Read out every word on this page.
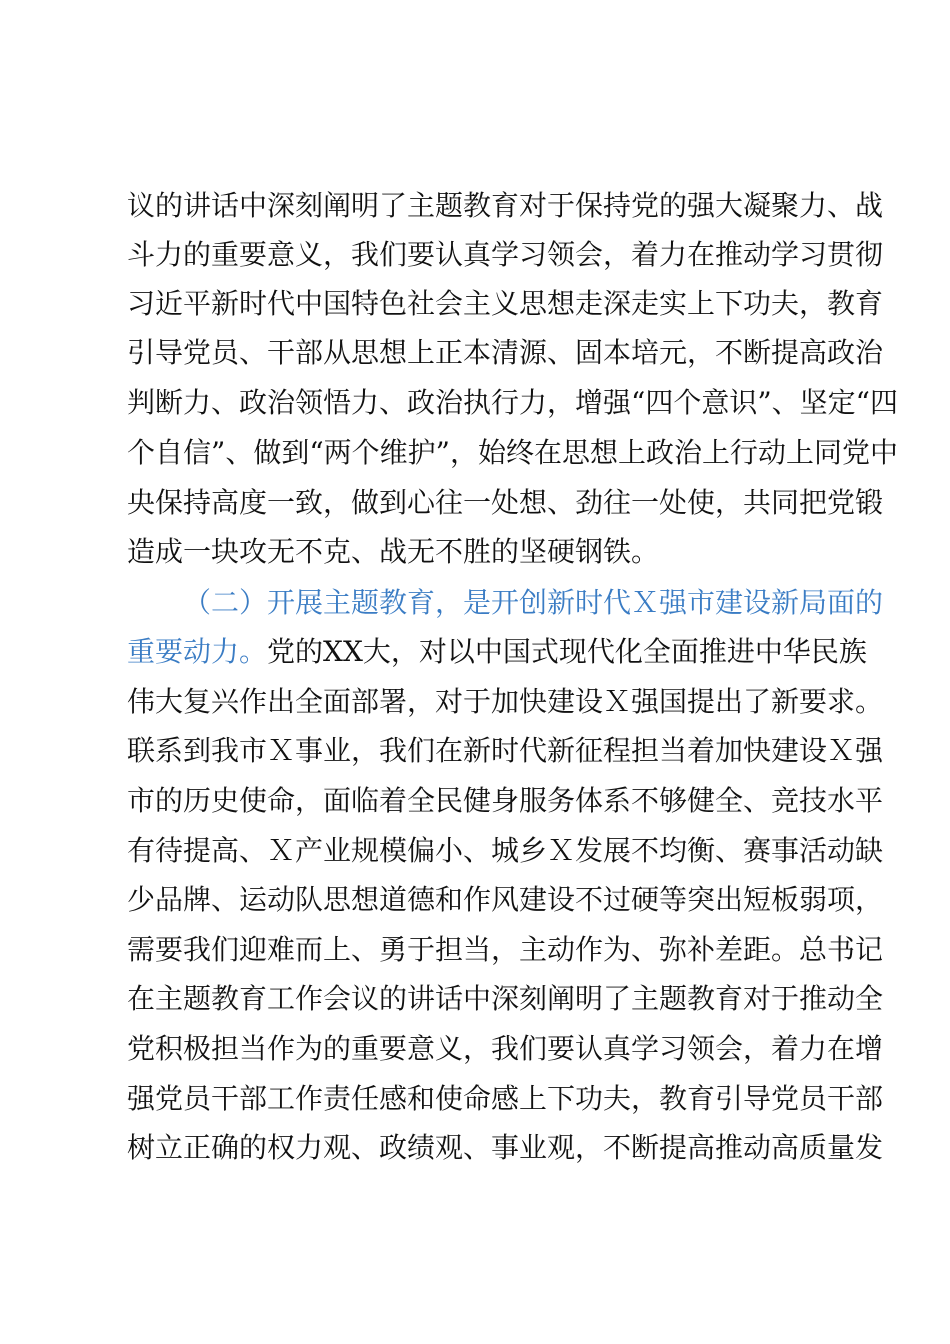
议的讲话中深刻阐明了主题教育对于保持党的强大凝聚力、战
斗力的重要意义，我们要认真学习领会，着力在推动学习贯彻
习近平新时代中国特色社会主义思想走深走实上下功夫，教育
引导党员、干部从思想上正本清源、固本培元，不断提高政治
判断力、政治领悟力、政治执行力，增强“四个意识”、坚定“四
个自信”、做到“两个维护”，始终在思想上政治上行动上同党中
央保持高度一致，做到心往一处想、劲往一处使，共同把党锻
造成一块攻无不克、战无不胜的坚硬钢铁。
（二）开展主题教育，是开创新时代Ｘ强市建设新局面的
重要动力。党的XX大，对以中国式现代化全面推进中华民族
伟大复兴作出全面部署，对于加快建设Ｘ强国提出了新要求。
联系到我市Ｘ事业，我们在新时代新征程担当着加快建设Ｘ强
市的历史使命，面临着全民健身服务体系不够健全、竞技水平
有待提高、Ｘ产业规模偏小、城乡Ｘ发展不均衡、赛事活动缺
少品牌、运动队思想道德和作风建设不过硬等突出短板弱项，
需要我们迎难而上、勇于担当，主动作为、弥补差距。总书记
在主题教育工作会议的讲话中深刻阐明了主题教育对于推动全
党积极担当作为的重要意义，我们要认真学习领会，着力在增
强党员干部工作责任感和使命感上下功夫，教育引导党员干部
树立正确的权力观、政绩观、事业观，不断提高推动高质量发
